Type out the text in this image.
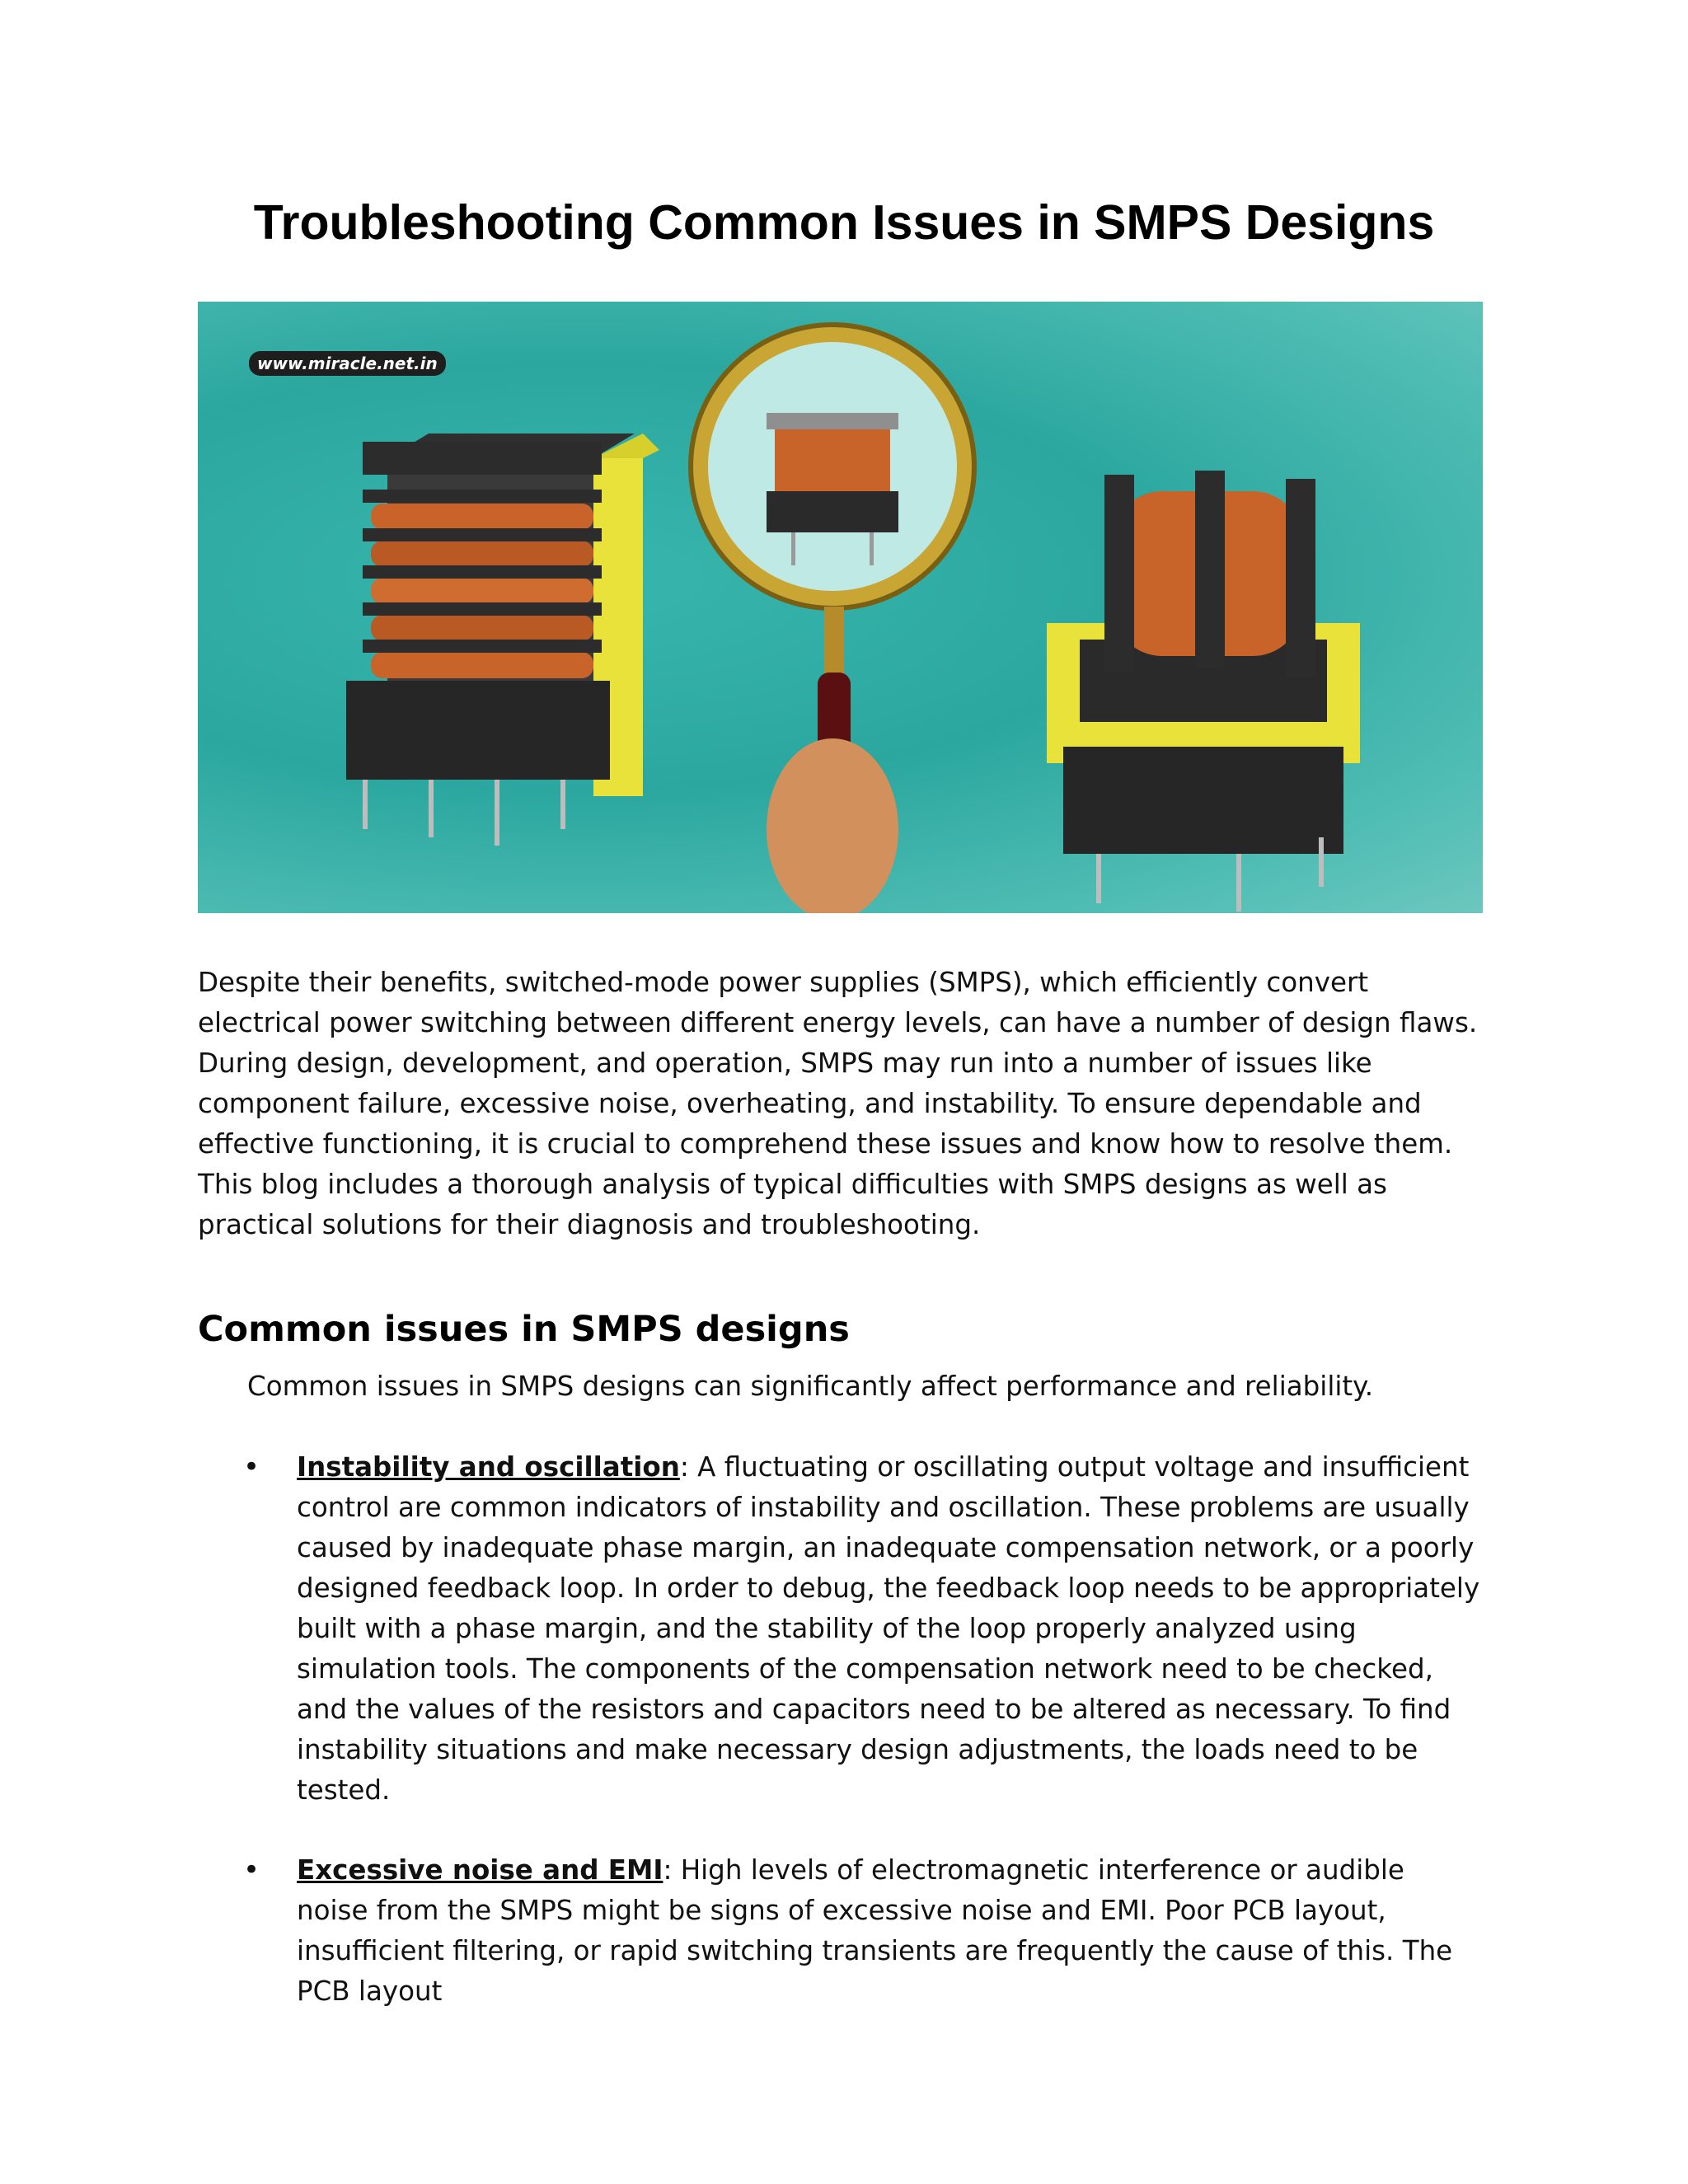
Troubleshooting Common Issues in SMPS Designs
www.miracle.net.in

Despite their benefits, switched-mode power supplies (SMPS), which efficiently convert electrical power switching between different energy levels, can have a number of design flaws. During design, development, and operation, SMPS may run into a number of issues like component failure, excessive noise, overheating, and instability. To ensure dependable and effective functioning, it is crucial to comprehend these issues and know how to resolve them. This blog includes a thorough analysis of typical difficulties with SMPS designs as well as practical solutions for their diagnosis and troubleshooting.

Common issues in SMPS designs

Common issues in SMPS designs can significantly affect performance and reliability.

•	Instability and oscillation: A fluctuating or oscillating output voltage and insufficient control are common indicators of instability and oscillation. These problems are usually caused by inadequate phase margin, an inadequate compensation network, or a poorly designed feedback loop. In order to debug, the feedback loop needs to be appropriately built with a phase margin, and the stability of the loop properly analyzed using simulation tools. The components of the compensation network need to be checked, and the values of the resistors and capacitors need to be altered as necessary. To find instability situations and make necessary design adjustments, the loads need to be tested.

•	Excessive noise and EMI: High levels of electromagnetic interference or audible noise from the SMPS might be signs of excessive noise and EMI. Poor PCB layout, insufficient filtering, or rapid switching transients are frequently the cause of this. The PCB layout
